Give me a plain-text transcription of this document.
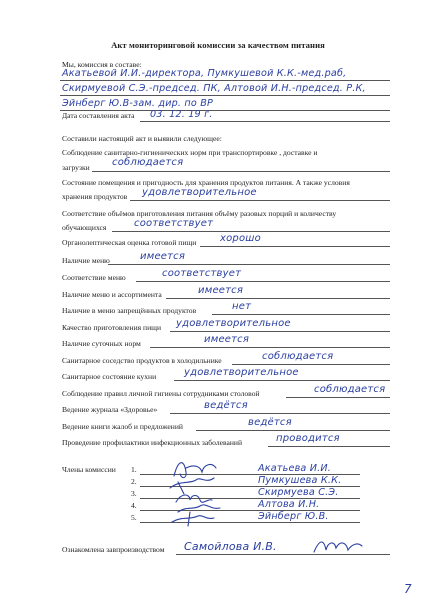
Акт мониторинговой комиссии за качеством питания
Мы, комиссия в составе:
Акатьевой И.И.-директора, Пумкушевой К.К.-мед.раб,
Скирмуевой С.Э.-председ. ПК, Алтовой И.Н.-председ. Р.К,
Эйнберг Ю.В-зам. дир. по ВР
Дата составления акта 03. 12. 19 г.
Составили настоящий акт и выявили следующее:
Соблюдение санитарно-гигиенических норм при транспортировке , доставке и
загрузки соблюдается
Состояние помещения и пригодность для хранения продуктов питания. А также условия
хранения продуктов удовлетворительное
Соответствие объёмов приготовления питания объёму разовых порций и количеству
обучающихся	соответствует
Органолептическая оценка готовой пищи хорошо
Наличие меню	имеется
Соответствие меню	соответствует
Наличие меню и ассортимента	имеется
Наличие в меню запрещённых продуктов	нет
Качество приготовления пищи удовлетворительное
Наличие суточных норм	имеется
Санитарное соседство продуктов в холодильнике	соблюдается
Санитарное состояние кухни	удовлетворительное
Соблюдение правил личной гигиены сотрудниками столовой	соблюдается
Ведение журнала «Здоровье»	ведётся
Ведение книги жалоб и предложений	ведётся
Проведение профилактики инфекционных заболеваний	проводится
Члены комиссии 1.	Акатьева И.И.
2.	Пумкушева К.К.
3.	Скирмуева С.Э.
4.	Алтова И.Н.
5.	Эйнберг Ю.В.
Ознакомлена завпроизводством Самойлова И.В.
7
